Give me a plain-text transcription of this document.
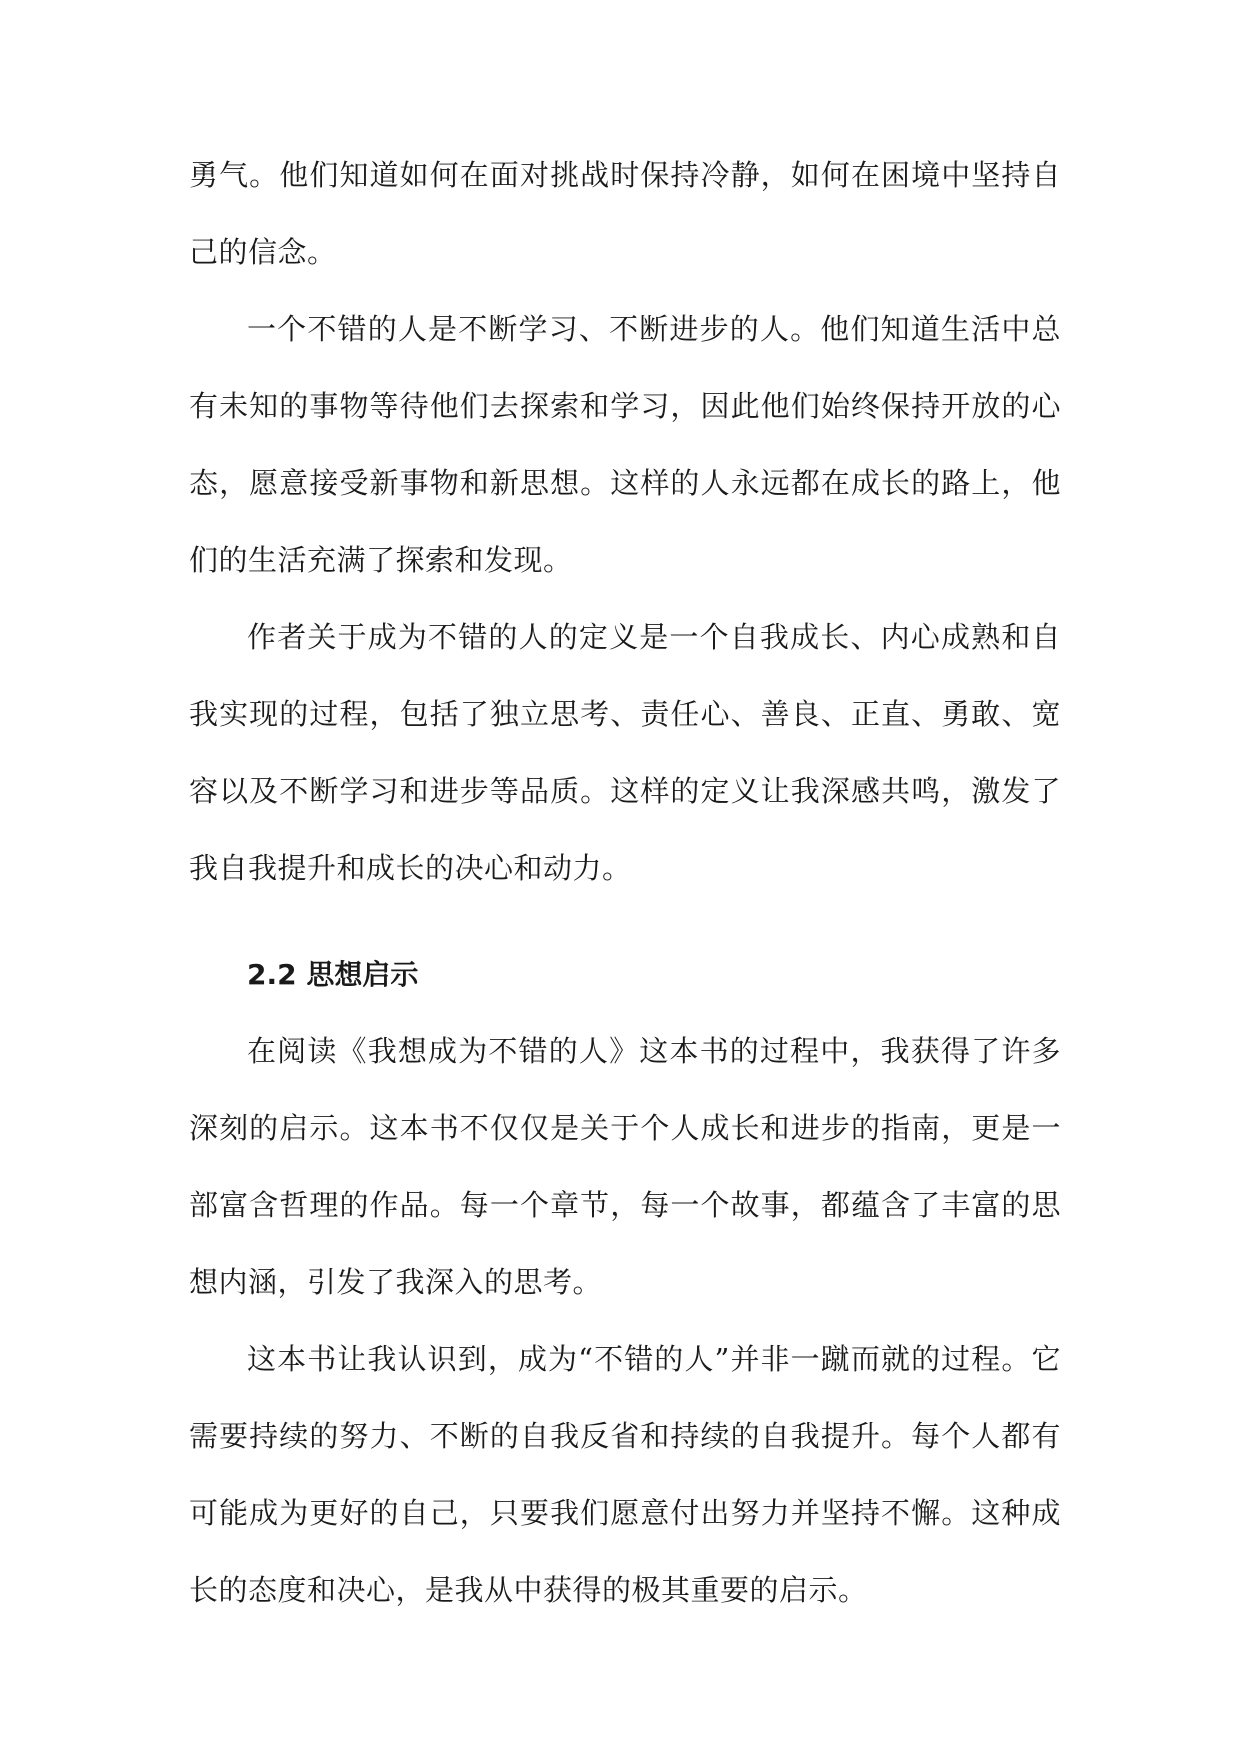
勇气。他们知道如何在面对挑战时保持冷静，如何在困境中坚持自己的信念。

一个不错的人是不断学习、不断进步的人。他们知道生活中总有未知的事物等待他们去探索和学习，因此他们始终保持开放的心态，愿意接受新事物和新思想。这样的人永远都在成长的路上，他们的生活充满了探索和发现。

作者关于成为不错的人的定义是一个自我成长、内心成熟和自我实现的过程，包括了独立思考、责任心、善良、正直、勇敢、宽容以及不断学习和进步等品质。这样的定义让我深感共鸣，激发了我自我提升和成长的决心和动力。

2.2 思想启示

在阅读《我想成为不错的人》这本书的过程中，我获得了许多深刻的启示。这本书不仅仅是关于个人成长和进步的指南，更是一部富含哲理的作品。每一个章节，每一个故事，都蕴含了丰富的思想内涵，引发了我深入的思考。

这本书让我认识到，成为“不错的人”并非一蹴而就的过程。它需要持续的努力、不断的自我反省和持续的自我提升。每个人都有可能成为更好的自己，只要我们愿意付出努力并坚持不懈。这种成长的态度和决心，是我从中获得的极其重要的启示。
